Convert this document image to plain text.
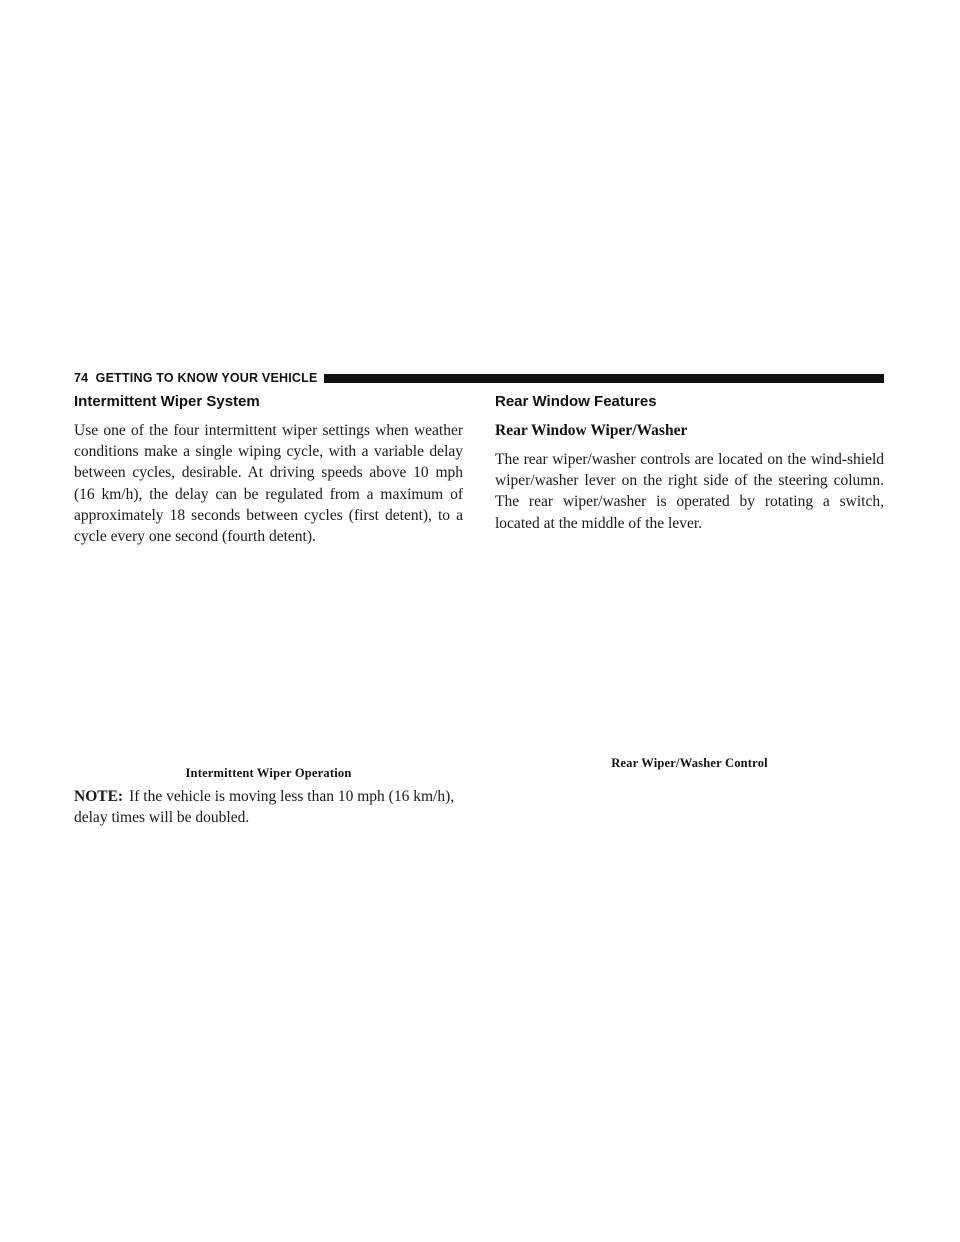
74 GETTING TO KNOW YOUR VEHICLE
Intermittent Wiper System

Use one of the four intermittent wiper settings when weather conditions make a single wiping cycle, with a variable delay between cycles, desirable. At driving speeds above 10 mph (16 km/h), the delay can be regulated from a maximum of approximately 18 seconds between cycles (first detent), to a cycle every one second (fourth detent).

Intermittent Wiper Operation

NOTE: If the vehicle is moving less than 10 mph (16 km/h), delay times will be doubled.

Rear Window Features
Rear Window Wiper/Washer

The rear wiper/washer controls are located on the wind-shield wiper/washer lever on the right side of the steering column. The rear wiper/washer is operated by rotating a switch, located at the middle of the lever.

Rear Wiper/Washer Control
